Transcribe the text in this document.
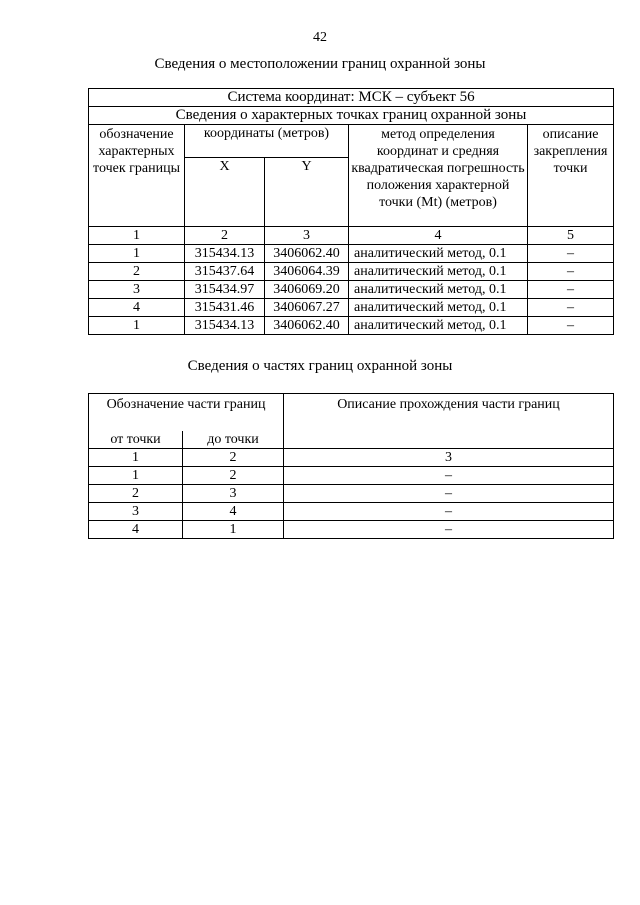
42
Сведения о местоположении границ охранной зоны
Система координат: МСК – субъект 56				
Сведения о характерных точках границ охранной зоны				
обозначение характерных точек границы	координаты (метров)		метод определения координат и средняя квадратическая погрешность положения характерной точки (Mt) (метров)	описание закрепления точки
	X	Y		
1	2	3	4	5
1	315434.13	3406062.40	аналитический метод, 0.1	–
2	315437.64	3406064.39	аналитический метод, 0.1	–
3	315434.97	3406069.20	аналитический метод, 0.1	–
4	315431.46	3406067.27	аналитический метод, 0.1	–
1	315434.13	3406062.40	аналитический метод, 0.1	–
Сведения о частях границ охранной зоны
Обозначение части границ		Описание прохождения части границ
от точки	до точки	
1	2	3
1	2	–
2	3	–
3	4	–
4	1	–
